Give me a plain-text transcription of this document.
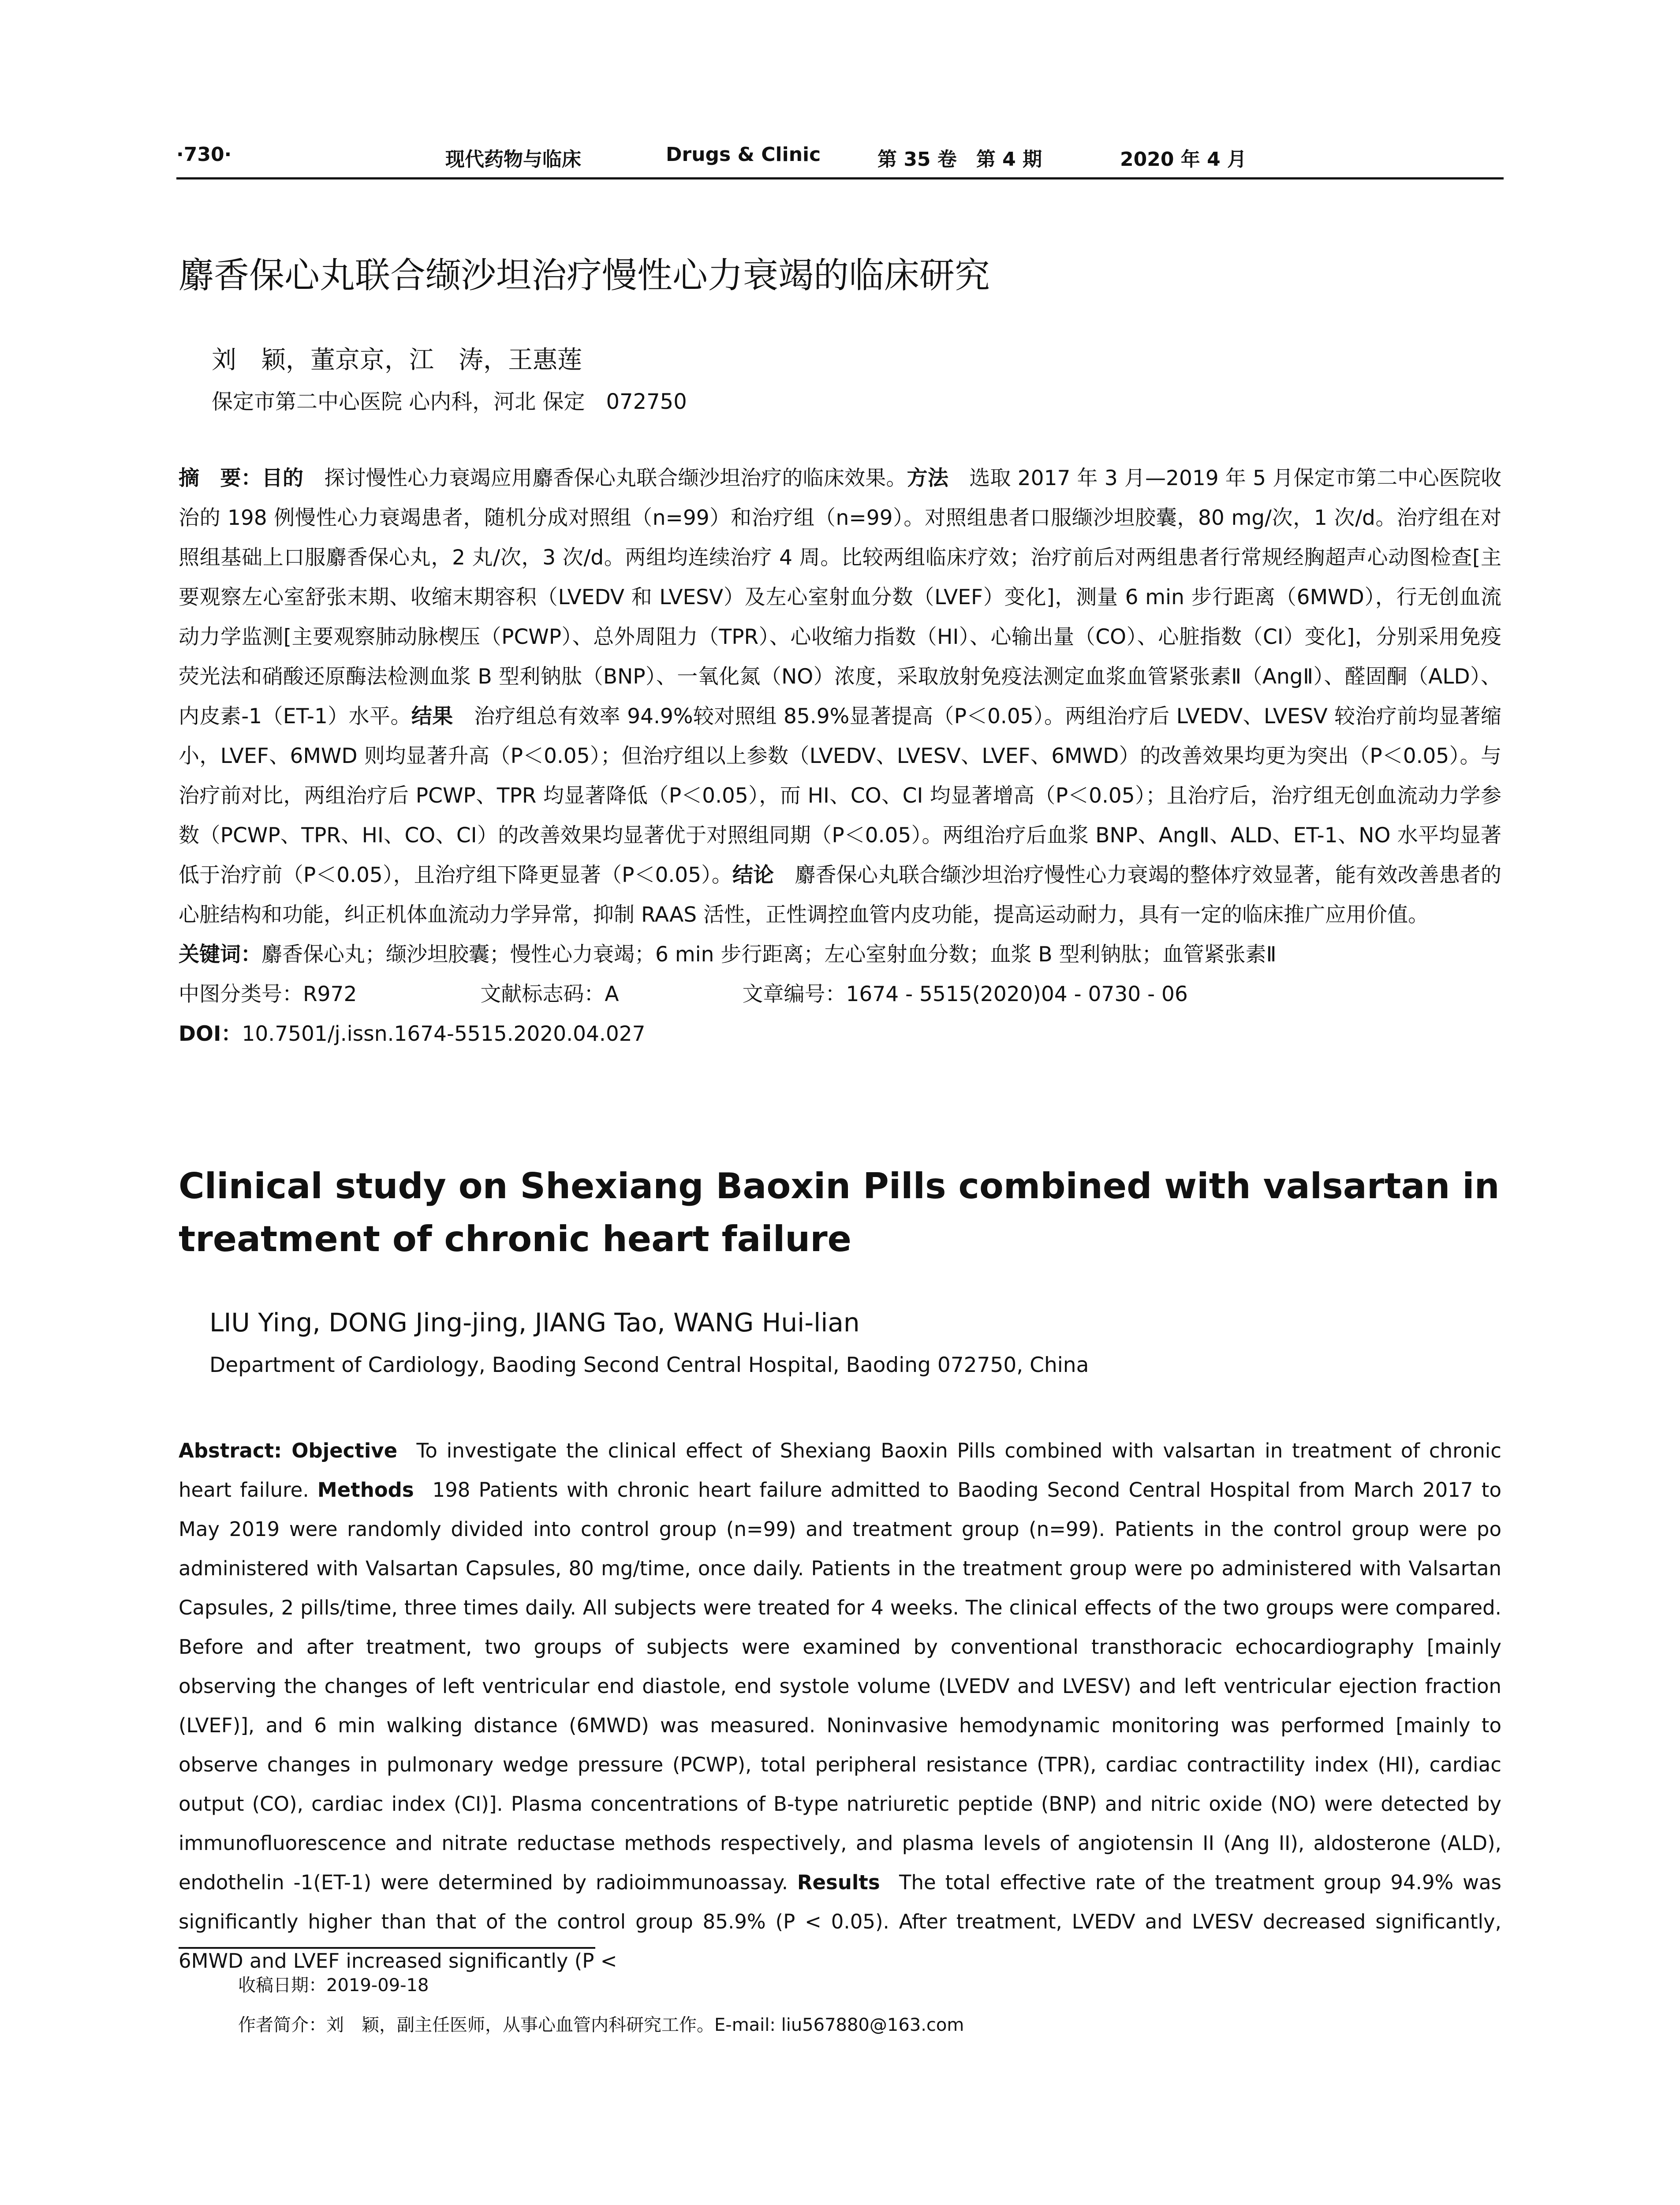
·730·	现代药物与临床	Drugs & Clinic	第 35 卷　第 4 期	2020 年 4 月
麝香保心丸联合缬沙坦治疗慢性心力衰竭的临床研究
刘　颖，董京京，江　涛，王惠莲
保定市第二中心医院 心内科，河北 保定　072750

摘　要：目的  探讨慢性心力衰竭应用麝香保心丸联合缬沙坦治疗的临床效果。方法  选取 2017 年 3 月—2019 年 5 月保定市第二中心医院收治的 198 例慢性心力衰竭患者，随机分成对照组（n=99）和治疗组（n=99）。对照组患者口服缬沙坦胶囊，80 mg/次，1 次/d。治疗组在对照组基础上口服麝香保心丸，2 丸/次，3 次/d。两组均连续治疗 4 周。比较两组临床疗效；治疗前后对两组患者行常规经胸超声心动图检查[主要观察左心室舒张末期、收缩末期容积（LVEDV 和 LVESV）及左心室射血分数（LVEF）变化]，测量 6 min 步行距离（6MWD），行无创血流动力学监测[主要观察肺动脉楔压（PCWP）、总外周阻力（TPR）、心收缩力指数（HI）、心输出量（CO）、心脏指数（CI）变化]，分别采用免疫荧光法和硝酸还原酶法检测血浆 B 型利钠肽（BNP）、一氧化氮（NO）浓度，采取放射免疫法测定血浆血管紧张素Ⅱ（AngⅡ）、醛固酮（ALD）、内皮素-1（ET-1）水平。结果  治疗组总有效率 94.9%较对照组 85.9%显著提高（P＜0.05）。两组治疗后 LVEDV、LVESV 较治疗前均显著缩小，LVEF、6MWD 则均显著升高（P＜0.05）；但治疗组以上参数（LVEDV、LVESV、LVEF、6MWD）的改善效果均更为突出（P＜0.05）。与治疗前对比，两组治疗后 PCWP、TPR 均显著降低（P＜0.05），而 HI、CO、CI 均显著增高（P＜0.05）；且治疗后，治疗组无创血流动力学参数（PCWP、TPR、HI、CO、CI）的改善效果均显著优于对照组同期（P＜0.05）。两组治疗后血浆 BNP、AngⅡ、ALD、ET-1、NO 水平均显著低于治疗前（P＜0.05），且治疗组下降更显著（P＜0.05）。结论  麝香保心丸联合缬沙坦治疗慢性心力衰竭的整体疗效显著，能有效改善患者的心脏结构和功能，纠正机体血流动力学异常，抑制 RAAS 活性，正性调控血管内皮功能，提高运动耐力，具有一定的临床推广应用价值。

关键词：麝香保心丸；缬沙坦胶囊；慢性心力衰竭；6 min 步行距离；左心室射血分数；血浆 B 型利钠肽；血管紧张素Ⅱ

中图分类号：R972	文献标志码：A	文章编号：1674 - 5515(2020)04 - 0730 - 06

DOI：10.7501/j.issn.1674-5515.2020.04.027

Clinical study on Shexiang Baoxin Pills combined with valsartan in treatment of chronic heart failure
LIU Ying, DONG Jing-jing, JIANG Tao, WANG Hui-lian
Department of Cardiology, Baoding Second Central Hospital, Baoding 072750, China
Abstract: Objective  To investigate the clinical effect of Shexiang Baoxin Pills combined with valsartan in treatment of chronic heart failure. Methods  198 Patients with chronic heart failure admitted to Baoding Second Central Hospital from March 2017 to May 2019 were randomly divided into control group (n=99) and treatment group (n=99). Patients in the control group were po administered with Valsartan Capsules, 80 mg/time, once daily. Patients in the treatment group were po administered with Valsartan Capsules, 2 pills/time, three times daily. All subjects were treated for 4 weeks. The clinical effects of the two groups were compared. Before and after treatment, two groups of subjects were examined by conventional transthoracic echocardiography [mainly observing the changes of left ventricular end diastole, end systole volume (LVEDV and LVESV) and left ventricular ejection fraction (LVEF)], and 6 min walking distance (6MWD) was measured. Noninvasive hemodynamic monitoring was performed [mainly to observe changes in pulmonary wedge pressure (PCWP), total peripheral resistance (TPR), cardiac contractility index (HI), cardiac output (CO), cardiac index (CI)]. Plasma concentrations of B-type natriuretic peptide (BNP) and nitric oxide (NO) were detected by immunofluorescence and nitrate reductase methods respectively, and plasma levels of angiotensin II (Ang II), aldosterone (ALD), endothelin -1(ET-1) were determined by radioimmunoassay. Results  The total effective rate of the treatment group 94.9% was significantly higher than that of the control group 85.9% (P < 0.05). After treatment, LVEDV and LVESV decreased significantly, 6MWD and LVEF increased significantly (P <
收稿日期：2019-09-18
作者简介：刘　颖，副主任医师，从事心血管内科研究工作。E-mail: liu567880@163.com
